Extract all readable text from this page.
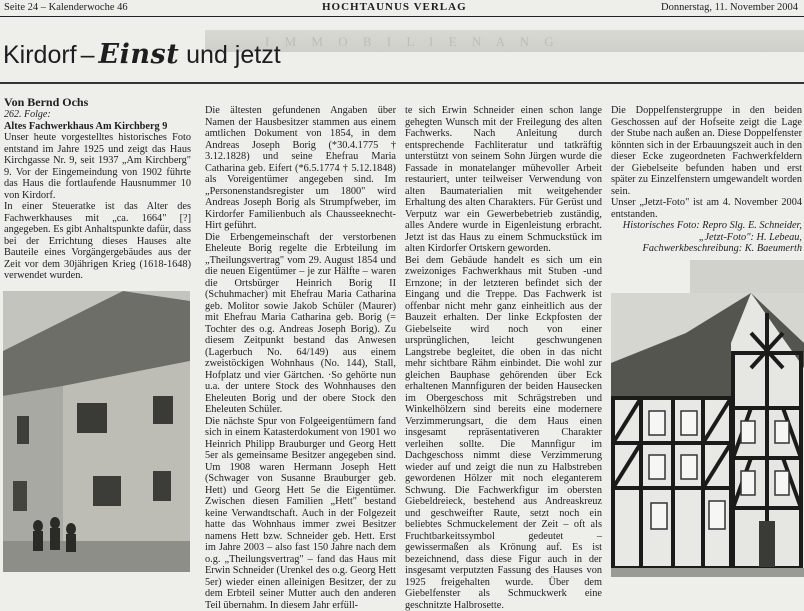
Seite 24 – Kalenderwoche 46	HOCHTAUNUS VERLAG	Donnerstag, 11. November 2004
I M M O B I L I E N A N G
Kirdorf – Einst und jetzt

Von Bernd Ochs

262. Folge:

Altes Fachwerkhaus Am Kirchberg 9

Unser heute vorgestelltes historisches Foto entstand im Jahre 1925 und zeigt das Haus Kirchgasse Nr. 9, seit 1937 „Am Kirchberg" 9. Vor der Eingemeindung von 1902 führte das Haus die fortlaufende Hausnummer 10 von Kirdorf.

In einer Steueratke ist das Alter des Fachwerkhauses mit „ca. 1664" [?] angegeben. Es gibt Anhaltspunkte dafür, dass bei der Errichtung dieses Hauses alte Bauteile eines Vorgängergebäudes aus der Zeit vor dem 30jährigen Krieg (1618-1648) verwendet wurden.

Die ältesten gefundenen Angaben über Namen der Hausbesitzer stammen aus einem amtlichen Dokument von 1854, in dem Andreas Joseph Borig (*30.4.1775 † 3.12.1828) und seine Ehefrau Maria Catharina geb. Eifert (*6.5.1774 † 5.12.1848) als Voreigentümer angegeben sind. Im „Personenstandsregister um 1800" wird Andreas Joseph Borig als Strumpfweber, im Kirdorfer Familienbuch als Chausseeknecht-Hirt geführt.

Die Erbengemeinschaft der verstorbenen Eheleute Borig regelte die Erbteilung im „Theilungsvertrag" vom 29. August 1854 und die neuen Eigentümer – je zur Hälfte – waren die Ortsbürger Heinrich Borig II (Schuhmacher) mit Ehefrau Maria Catharina geb. Molitor sowie Jakob Schüler (Maurer) mit Ehefrau Maria Catharina geb. Borig (= Tochter des o.g. Andreas Joseph Borig). Zu diesem Zeitpunkt bestand das Anwesen (Lagerbuch No. 64/149) aus einem zweistöckigen Wohnhaus (No. 144), Stall, Hofplatz und vier Gärtchen. ·So gehörte nun u.a. der untere Stock des Wohnhauses den Eheleuten Borig und der obere Stock den Eheleuten Schüler.

Die nächste Spur von Folgeeigentümern fand sich in einem Katasterdokument von 1901 wo Heinrich Philipp Brauburger und Georg Hett 5er als gemeinsame Besitzer angegeben sind. Um 1908 waren Hermann Joseph Hett (Schwager von Susanne Brauburger geb. Hett) und Georg Hett 5e die Eigentümer. Zwischen diesen Familien „Hett" bestand keine Verwandtschaft. Auch in der Folgezeit hatte das Wohnhaus immer zwei Besitzer namens Hett bzw. Schneider geb. Hett. Erst im Jahre 2003 – also fast 150 Jahre nach dem o.g. „Theilungsvertrag" – fand das Haus mit Erwin Schneider (Urenkel des o.g. Georg Hett 5er) wieder einen alleinigen Besitzer, der zu dem Erbteil seiner Mutter auch den anderen Teil übernahm. In diesem Jahr erfüll-

te sich Erwin Schneider einen schon lange gehegten Wunsch mit der Freilegung des alten Fachwerks. Nach Anleitung durch entsprechende Fachliteratur und tatkräftig unterstützt von seinem Sohn Jürgen wurde die Fassade in monatelanger mühevoller Arbeit restauriert, unter teilweiser Verwendung von alten Baumaterialien mit weitgehender Erhaltung des alten Charakters. Für Gerüst und Verputz war ein Gewerbebetrieb zuständig, alles Andere wurde in Eigenleistung erbracht. Jetzt ist das Haus zu einem Schmuckstück im alten Kirdorfer Ortskern geworden.

Bei dem Gebäude handelt es sich um ein zweizoniges Fachwerkhaus mit Stuben -und Ernzone; in der letzteren befindet sich der Eingang und die Treppe. Das Fachwerk ist offenbar nicht mehr ganz einheitlich aus der Bauzeit erhalten. Der linke Eckpfosten der Giebelseite wird noch von einer ursprünglichen, leicht geschwungenen Langstrebe begleitet, die oben in das nicht mehr sichtbare Rähm einbindet. Die wohl zur gleichen Bauphase gehörenden über Eck erhaltenen Mannfiguren der beiden Hausecken im Obergeschoss mit Schrägstreben und Winkelhölzern sind bereits eine modernere Verzimmerungsart, die dem Haus einen insgesamt repräsentativeren Charakter verleihen sollte. Die Mannfigur im Dachgeschoss nimmt diese Verzimmerung wieder auf und zeigt die nun zu Halbstreben gewordenen Hölzer mit noch eleganterem Schwung. Die Fachwerkfigur im obersten Giebeldreieck, bestehend aus Andreaskreuz und geschweifter Raute, setzt noch ein beliebtes Schmuckelement der Zeit – oft als Fruchtbarkeitssymbol gedeutet – gewissermaßen als Krönung auf. Es ist bezeichnend, dass diese Figur auch in der insgesamt verputzten Fassung des Hauses von 1925 freigehalten wurde. Über dem Giebelfenster als Schmuckwerk eine geschnitzte Halbrosette.

Die Doppelfenstergruppe in den beiden Geschossen auf der Hofseite zeigt die Lage der Stube nach außen an. Diese Doppelfenster könnten sich in der Erbauungszeit auch in den dieser Ecke zugeordneten Fachwerkfeldern der Giebelseite befunden haben und erst später zu Einzelfenstern umgewandelt worden sein.

Unser „Jetzt-Foto" ist am 4. November 2004 entstanden.

Historisches Foto: Repro Slg. E. Schneider, „Jetzt-Foto": H. Lebeau, Fachwerkbeschreibung: K. Baeumerth
